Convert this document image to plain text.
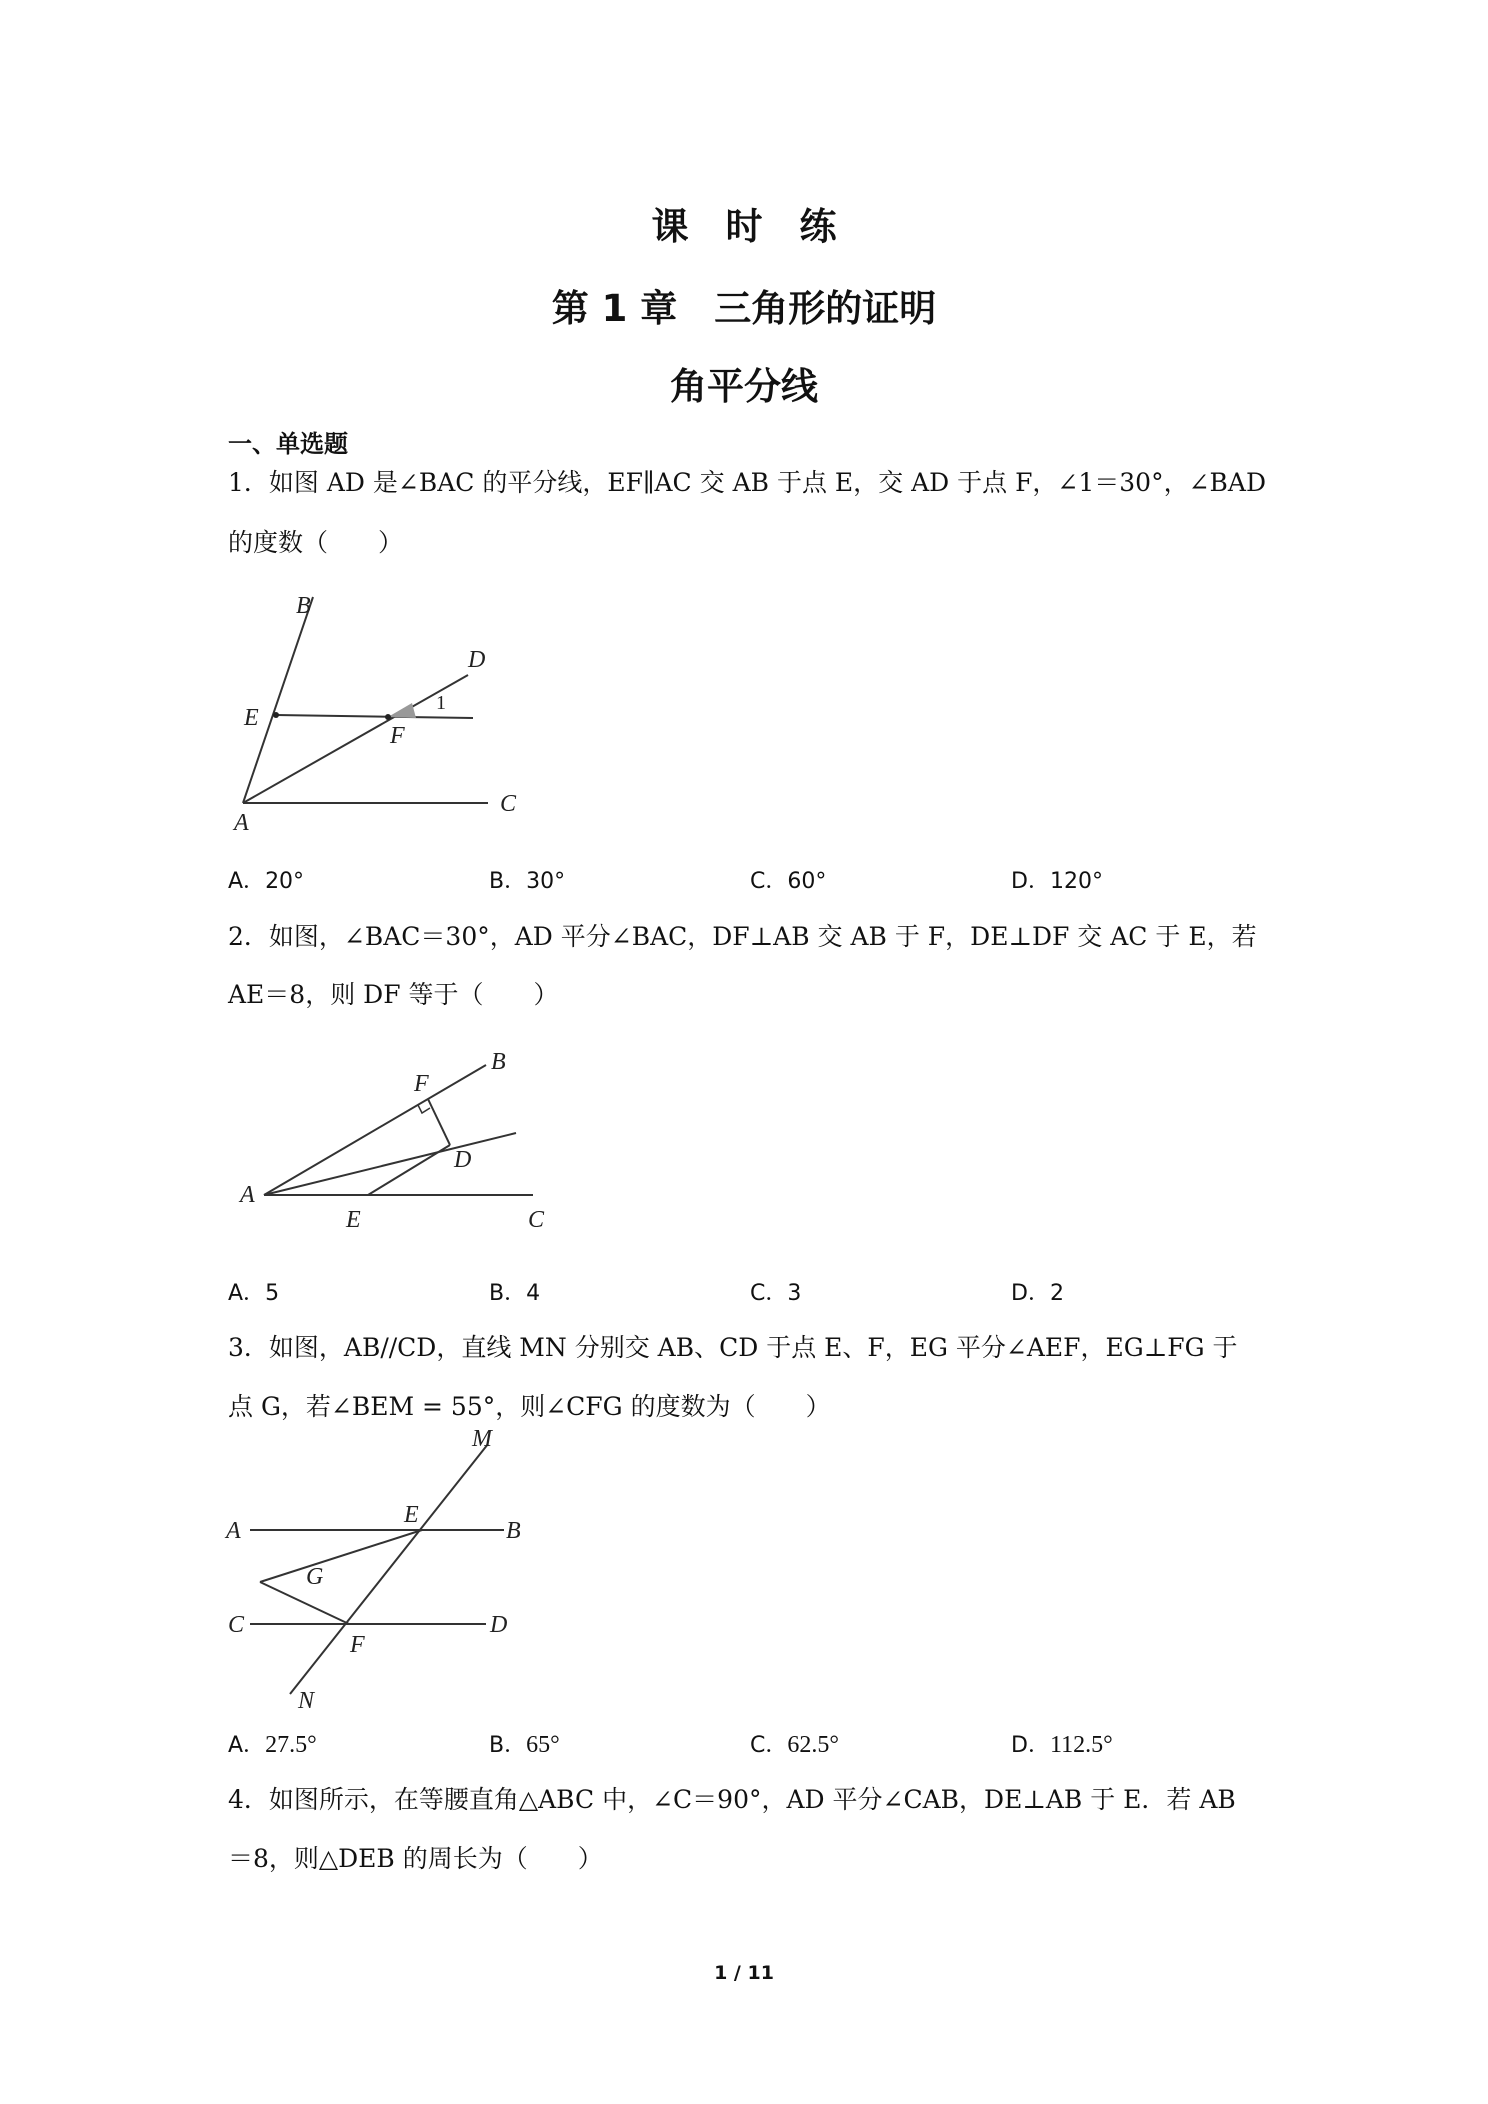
课　时　练
第 1 章　三角形的证明
角平分线
一、单选题
1．如图 AD 是∠BAC 的平分线，EF∥AC 交 AB 于点 E，交 AD 于点 F，∠1＝30°，∠BAD
的度数（　　）
B
D
E
F
1
A
C
A．20°	B．30°	C．60°	D．120°
2．如图，∠BAC＝30°，AD 平分∠BAC，DF⊥AB 交 AB 于 F，DE⊥DF 交 AC 于 E，若
AE＝8，则 DF 等于（　　）
F
B
D
A
E	C
A．5	B．4	C．3	D．2
3．如图，AB//CD，直线 MN 分别交 AB、CD 于点 E、F，EG 平分∠AEF，EG⊥FG 于
点 G，若∠BEM = 55°，则∠CFG 的度数为（　　）
M
E
A	B
G
C
F
D
N
A．27.5°	B．65°	C．62.5°	D．112.5°
4．如图所示，在等腰直角△ABC 中，∠C＝90°，AD 平分∠CAB，DE⊥AB 于 E．若 AB
＝8，则△DEB 的周长为（　　）
1 / 11
